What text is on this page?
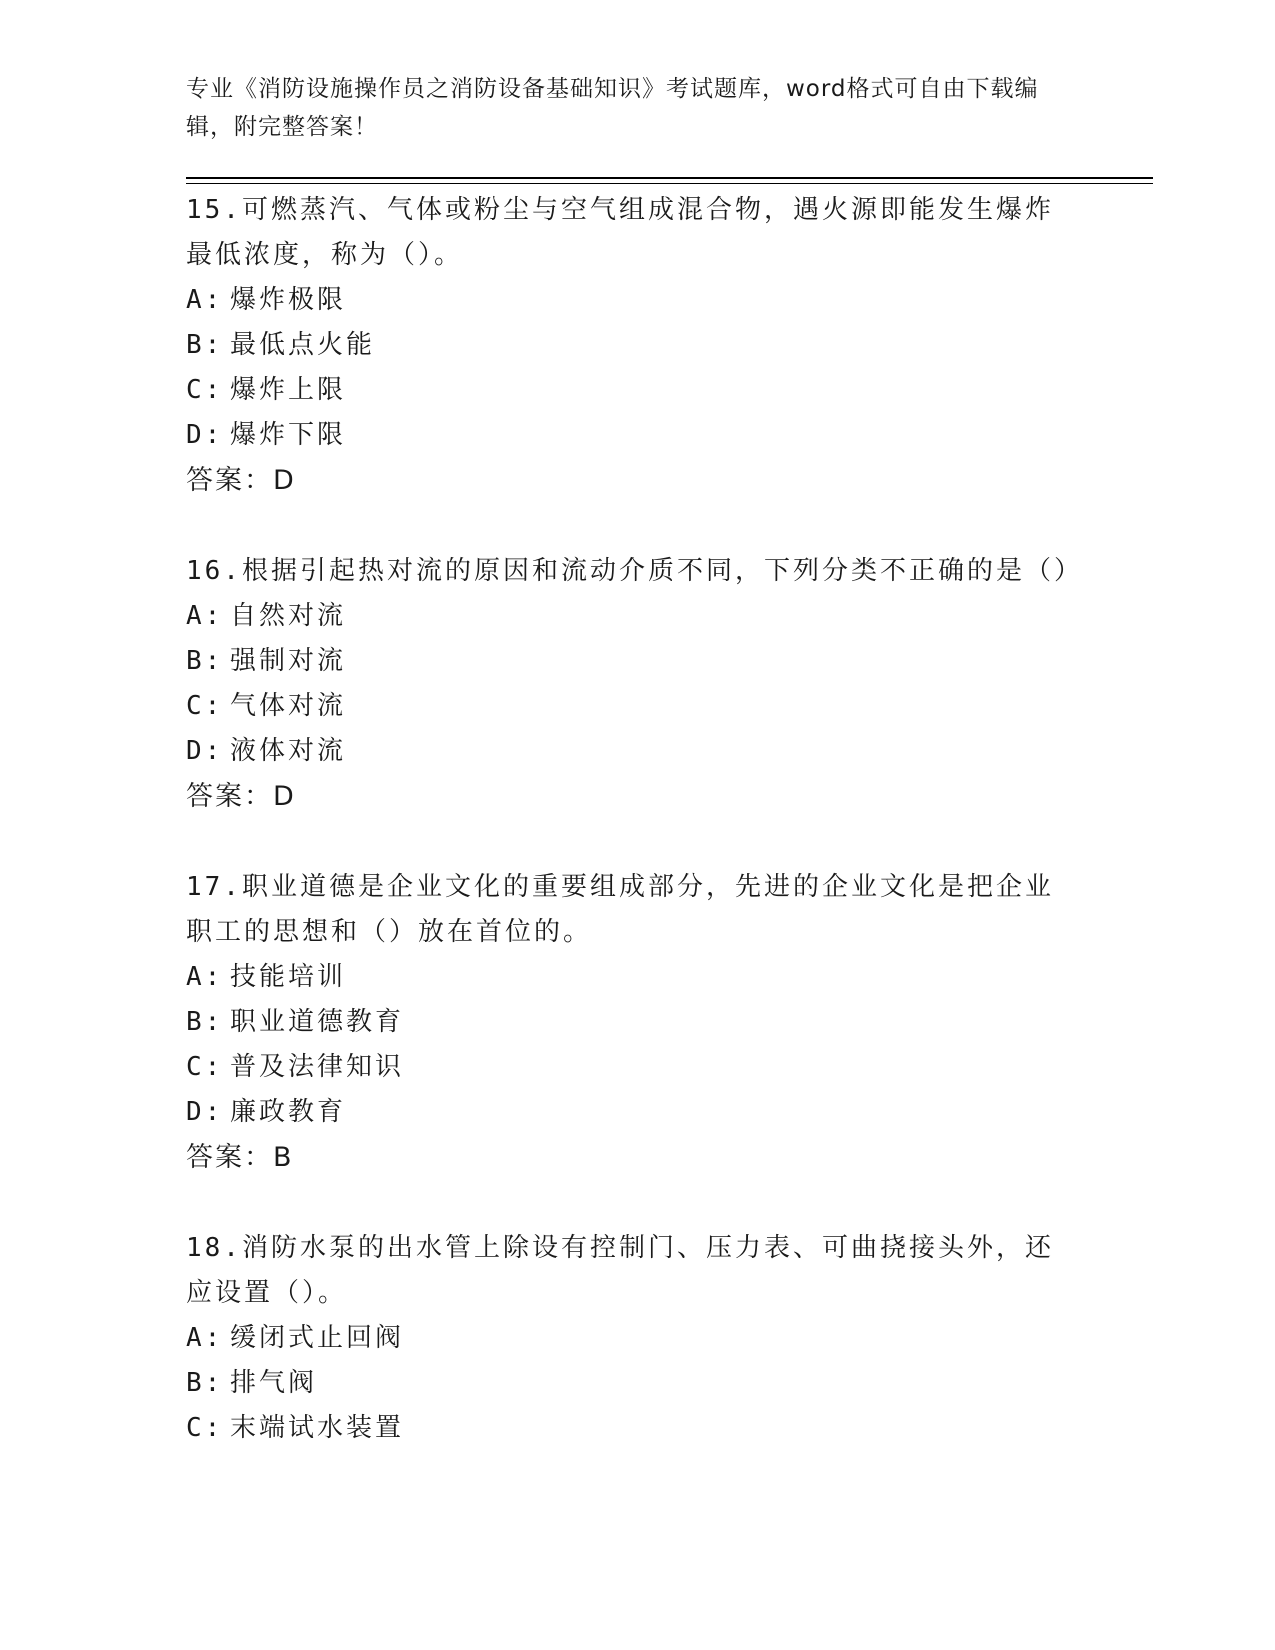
专业《消防设施操作员之消防设备基础知识》考试题库，word格式可自由下载编辑，附完整答案！
15.可燃蒸汽、气体或粉尘与空气组成混合物，遇火源即能发生爆炸最低浓度，称为（）。
A: 爆炸极限
B: 最低点火能
C: 爆炸上限
D: 爆炸下限
答案：D
16.根据引起热对流的原因和流动介质不同，下列分类不正确的是（）
A: 自然对流
B: 强制对流
C: 气体对流
D: 液体对流
答案：D
17.职业道德是企业文化的重要组成部分，先进的企业文化是把企业职工的思想和（）放在首位的。
A: 技能培训
B: 职业道德教育
C: 普及法律知识
D: 廉政教育
答案：B
18.消防水泵的出水管上除设有控制门、压力表、可曲挠接头外，还应设置（）。
A: 缓闭式止回阀
B: 排气阀
C: 末端试水装置
